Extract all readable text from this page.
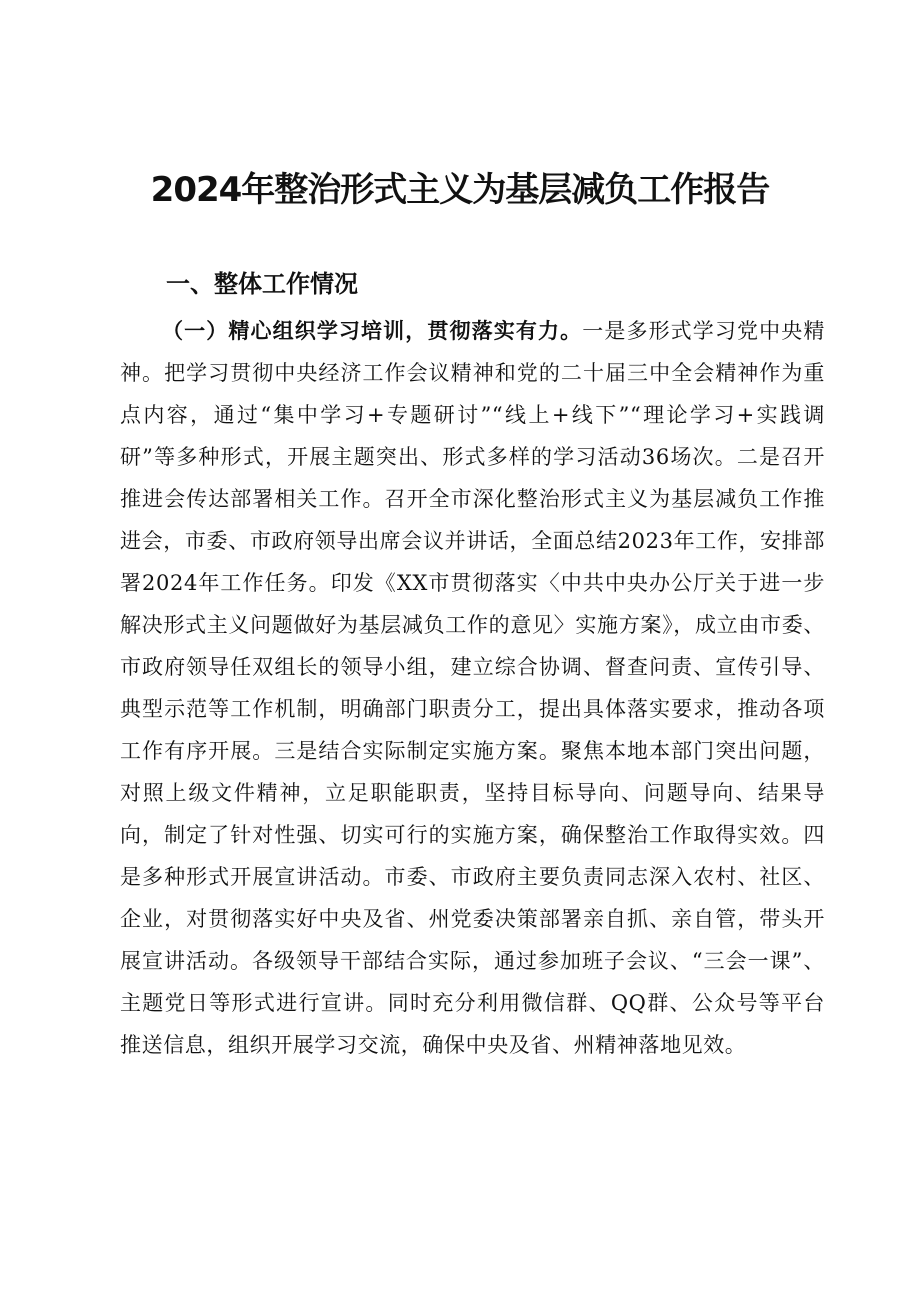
2024年整治形式主义为基层减负工作报告
一、整体工作情况

（一）精心组织学习培训，贯彻落实有力。一是多形式学习党中央精神。把学习贯彻中央经济工作会议精神和党的二十届三中全会精神作为重点内容，通过“集中学习+专题研讨”“线上+线下”“理论学习+实践调研”等多种形式，开展主题突出、形式多样的学习活动36场次。二是召开推进会传达部署相关工作。召开全市深化整治形式主义为基层减负工作推进会，市委、市政府领导出席会议并讲话，全面总结2023年工作，安排部署2024年工作任务。印发《XX市贯彻落实〈中共中央办公厅关于进一步解决形式主义问题做好为基层减负工作的意见〉实施方案》，成立由市委、市政府领导任双组长的领导小组，建立综合协调、督查问责、宣传引导、典型示范等工作机制，明确部门职责分工，提出具体落实要求，推动各项工作有序开展。三是结合实际制定实施方案。聚焦本地本部门突出问题，对照上级文件精神，立足职能职责，坚持目标导向、问题导向、结果导向，制定了针对性强、切实可行的实施方案，确保整治工作取得实效。四是多种形式开展宣讲活动。市委、市政府主要负责同志深入农村、社区、企业，对贯彻落实好中央及省、州党委决策部署亲自抓、亲自管，带头开展宣讲活动。各级领导干部结合实际，通过参加班子会议、“三会一课”、主题党日等形式进行宣讲。同时充分利用微信群、QQ群、公众号等平台推送信息，组织开展学习交流，确保中央及省、州精神落地见效。
